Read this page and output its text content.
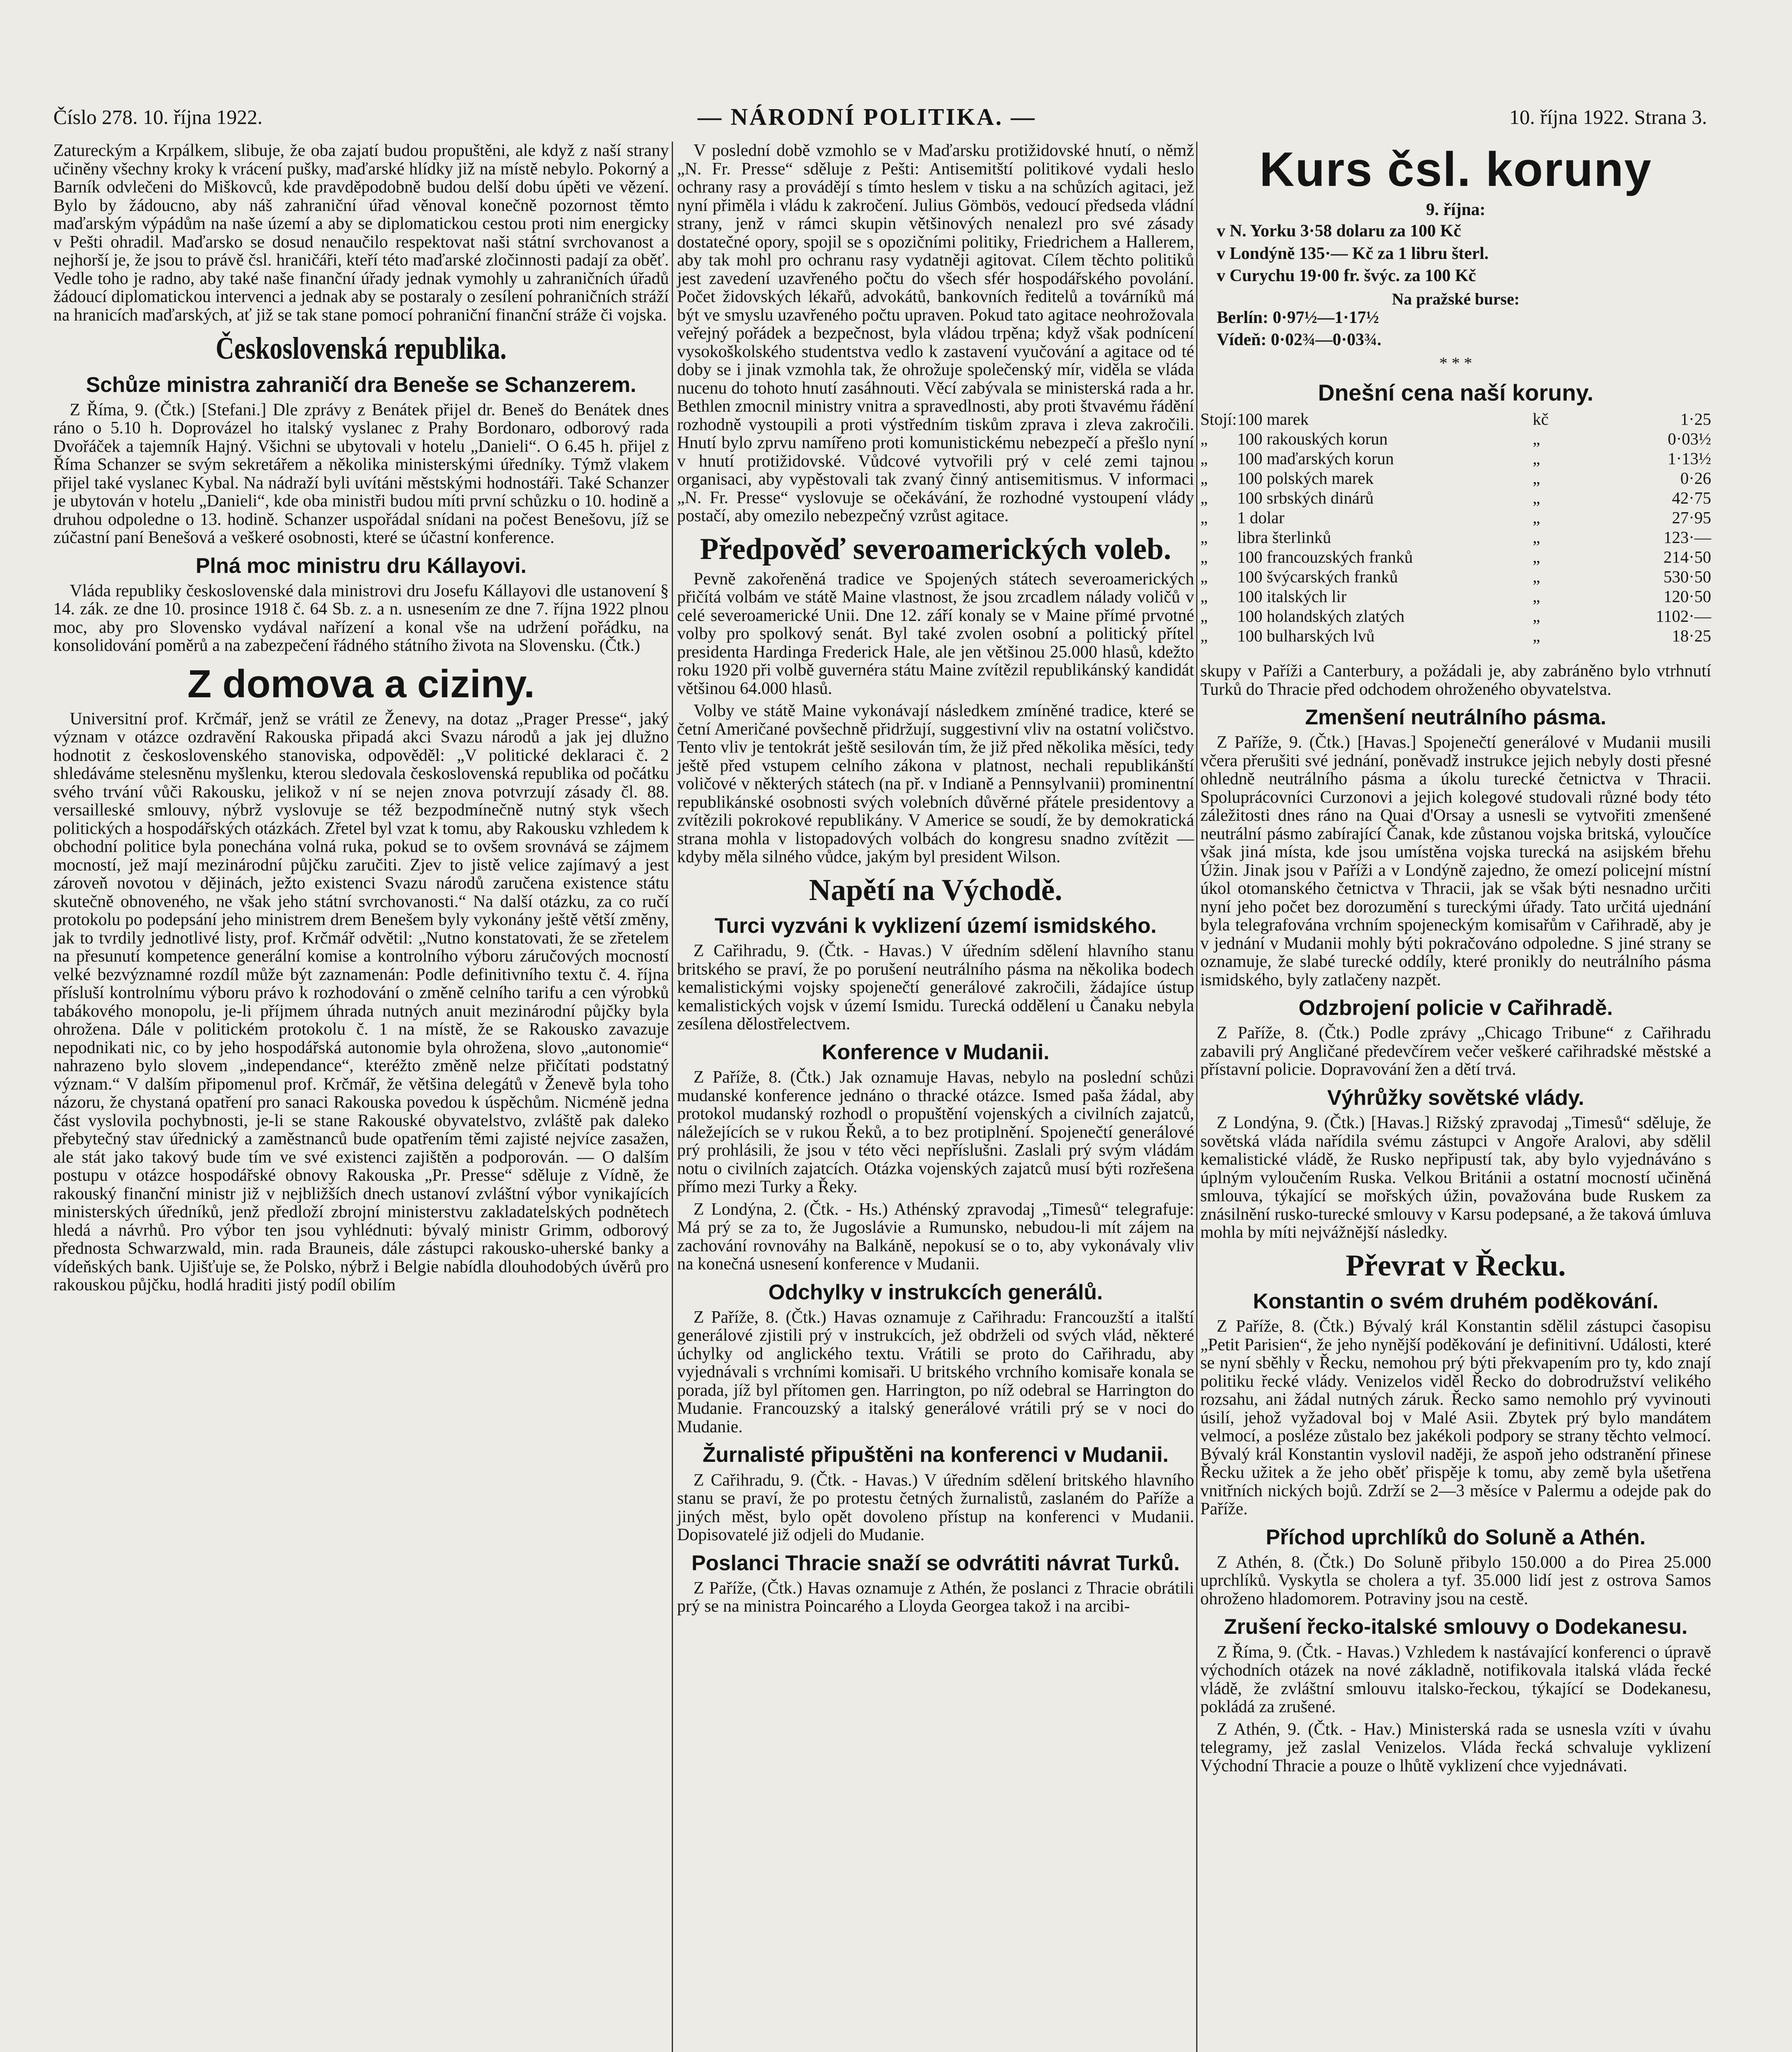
Číslo 278. 10. října 1922.	— NÁRODNÍ POLITIKA. —	10. října 1922. Strana 3.

Zatureckým a Krpálkem, slibuje, že oba zajatí budou propuštěni, ale když z naší strany učiněny všechny kroky k vrácení pušky, maďarské hlídky již na místě nebylo. Pokorný a Barník odvlečeni do Miškovců, kde pravděpodobně budou delší dobu úpěti ve vězení. Bylo by žádoucno, aby náš zahraniční úřad věnoval konečně pozornost těmto maďarským výpádům na naše území a aby se diplomatickou cestou proti nim energicky v Pešti ohradil. Maďarsko se dosud nenaučilo respektovat naši státní svrchovanost a nejhorší je, že jsou to právě čsl. hraničáři, kteří této maďarské zločinnosti padají za oběť. Vedle toho je radno, aby také naše finanční úřady jednak vymohly u zahraničních úřadů žádoucí diplomatickou intervenci a jednak aby se postaraly o zesílení pohraničních stráží na hranicích maďarských, ať již se tak stane pomocí pohraniční finanční stráže či vojska.

Československá republika.
Schůze ministra zahraničí dra Beneše se Schanzerem.

Z Říma, 9. (Čtk.) [Stefani.] Dle zprávy z Benátek přijel dr. Beneš do Benátek dnes ráno o 5.10 h. Doprovázel ho italský vyslanec z Prahy Bordonaro, odborový rada Dvořáček a tajemník Hajný. Všichni se ubytovali v hotelu „Danieli“. O 6.45 h. přijel z Říma Schanzer se svým sekretářem a několika ministerskými úředníky. Týmž vlakem přijel také vyslanec Kybal. Na nádraží byli uvítáni městskými hodnostáři. Také Schanzer je ubytován v hotelu „Danieli“, kde oba ministři budou míti první schůzku o 10. hodině a druhou odpoledne o 13. hodině. Schanzer uspořádal snídani na počest Benešovu, jíž se zúčastní paní Benešová a veškeré osobnosti, které se účastní konference.

Plná moc ministru dru Kállayovi.

Vláda republiky československé dala ministrovi dru Josefu Kállayovi dle ustanovení § 14. zák. ze dne 10. prosince 1918 č. 64 Sb. z. a n. usnesením ze dne 7. října 1922 plnou moc, aby pro Slovensko vydával nařízení a konal vše na udržení pořádku, na konsolidování poměrů a na zabezpečení řádného státního života na Slovensku. (Čtk.)

Z domova a ciziny.

Universitní prof. Krčmář, jenž se vrátil ze Ženevy, na dotaz „Prager Presse“, jaký význam v otázce ozdravění Rakouska připadá akci Svazu národů a jak jej dlužno hodnotit z československého stanoviska, odpověděl: „V politické deklaraci č. 2 shledáváme stelesněnu myšlenku, kterou sledovala československá republika od počátku svého trvání vůči Rakousku, jelikož v ní se nejen znova potvrzují zásady čl. 88. versailleské smlouvy, nýbrž vyslovuje se též bezpodmínečně nutný styk všech politických a hospodářských otázkách. Zřetel byl vzat k tomu, aby Rakousku vzhledem k obchodní politice byla ponechána volná ruka, pokud se to ovšem srovnává se zájmem mocností, jež mají mezinárodní půjčku zaručiti. Zjev to jistě velice zajímavý a jest zároveň novotou v dějinách, ježto existenci Svazu národů zaručena existence státu skutečně obnoveného, ne však jeho státní svrchovanosti.“ Na další otázku, za co ručí protokolu po podepsání jeho ministrem drem Benešem byly vykonány ještě větší změny, jak to tvrdily jednotlivé listy, prof. Krčmář odvětil: „Nutno konstatovati, že se zřetelem na přesunutí kompetence generální komise a kontrolního výboru záručových mocností velké bezvýznamné rozdíl může být zaznamenán: Podle definitivního textu č. 4. října přísluší kontrolnímu výboru právo k rozhodování o změně celního tarifu a cen výrobků tabákového monopolu, je-li příjmem úhrada nutných anuit mezinárodní půjčky byla ohrožena. Dále v politickém protokolu č. 1 na místě, že se Rakousko zavazuje nepodnikati nic, co by jeho hospodářská autonomie byla ohrožena, slovo „autonomie“ nahrazeno bylo slovem „independance“, kteréžto změně nelze přičítati podstatný význam.“ V dalším připomenul prof. Krčmář, že většina delegátů v Ženevě byla toho názoru, že chystaná opatření pro sanaci Rakouska povedou k úspěchům. Nicméně jedna část vyslovila pochybnosti, je-li se stane Rakouské obyvatelstvo, zvláště pak daleko přebytečný stav úřednický a zaměstnanců bude opatřením těmi zajisté nejvíce zasažen, ale stát jako takový bude tím ve své existenci zajištěn a podporován. — O dalším postupu v otázce hospodářské obnovy Rakouska „Pr. Presse“ sděluje z Vídně, že rakouský finanční ministr již v nejbližších dnech ustanoví zvláštní výbor vynikajících ministerských úředníků, jenž předloží zbrojní ministerstvu zakladatelských podnětech hledá a návrhů. Pro výbor ten jsou vyhlédnuti: bývalý ministr Grimm, odborový přednosta Schwarzwald, min. rada Brauneis, dále zástupci rakousko-uherské banky a vídeňských bank. Ujišťuje se, že Polsko, nýbrž i Belgie nabídla dlouhodobých úvěrů pro rakouskou půjčku, hodlá hraditi jistý podíl obilím

V poslední době vzmohlo se v Maďarsku protižidovské hnutí, o němž „N. Fr. Presse“ sděluje z Pešti: Antisemitští politikové vydali heslo ochrany rasy a provádějí s tímto heslem v tisku a na schůzích agitaci, jež nyní přiměla i vládu k zakročení. Julius Gömbös, vedoucí předseda vládní strany, jenž v rámci skupin většinových nenalezl pro své zásady dostatečné opory, spojil se s opozičními politiky, Friedrichem a Hallerem, aby tak mohl pro ochranu rasy vydatněji agitovat. Cílem těchto politiků jest zavedení uzavřeného počtu do všech sfér hospodářského povolání. Počet židovských lékařů, advokátů, bankovních ředitelů a továrníků má být ve smyslu uzavřeného počtu upraven. Pokud tato agitace neohrožovala veřejný pořádek a bezpečnost, byla vládou trpěna; když však podnícení vysokoškolského studentstva vedlo k zastavení vyučování a agitace od té doby se i jinak vzmohla tak, že ohrožuje společenský mír, viděla se vláda nucenu do tohoto hnutí zasáhnouti. Věcí zabývala se ministerská rada a hr. Bethlen zmocnil ministry vnitra a spravedlnosti, aby proti štvavému řádění rozhodně vystoupili a proti výstředním tiskům zprava i zleva zakročili. Hnutí bylo zprvu namířeno proti komunistickému nebezpečí a přešlo nyní v hnutí protižidovské. Vůdcové vytvořili prý v celé zemi tajnou organisaci, aby vypěstovali tak zvaný činný antisemitismus. V informaci „N. Fr. Presse“ vyslovuje se očekávání, že rozhodné vystoupení vlády postačí, aby omezilo nebezpečný vzrůst agitace.

Předpověď severoamerických voleb.

Pevně zakořeněná tradice ve Spojených státech severoamerických přičítá volbám ve státě Maine vlastnost, že jsou zrcadlem nálady voličů v celé severoamerické Unii. Dne 12. září konaly se v Maine přímé prvotné volby pro spolkový senát. Byl také zvolen osobní a politický přítel presidenta Hardinga Frederick Hale, ale jen většinou 25.000 hlasů, kdežto roku 1920 při volbě guvernéra státu Maine zvítězil republikánský kandidát většinou 64.000 hlasů.

Volby ve státě Maine vykonávají následkem zmíněné tradice, které se četní Američané povšechně přidržují, suggestivní vliv na ostatní voličstvo. Tento vliv je tentokrát ještě sesilován tím, že již před několika měsíci, tedy ještě před vstupem celního zákona v platnost, nechali republikánští voličové v některých státech (na př. v Indianě a Pennsylvanii) prominentní republikánské osobnosti svých volebních důvěrné přátele presidentovy a zvítězili pokrokové republikány. V Americe se soudí, že by demokratická strana mohla v listopadových volbách do kongresu snadno zvítězit — kdyby měla silného vůdce, jakým byl president Wilson.

Napětí na Východě.
Turci vyzváni k vyklizení území ismidského.

Z Cařihradu, 9. (Čtk. - Havas.) V úředním sdělení hlavního stanu britského se praví, že po porušení neutrálního pásma na několika bodech kemalistickými vojsky spojenečtí generálové zakročili, žádajíce ústup kemalistických vojsk v území Ismidu. Turecká oddělení u Čanaku nebyla zesílena dělostřelectvem.

Konference v Mudanii.

Z Paříže, 8. (Čtk.) Jak oznamuje Havas, nebylo na poslední schůzi mudanské konference jednáno o thracké otázce. Ismed paša žádal, aby protokol mudanský rozhodl o propuštění vojenských a civilních zajatců, náležejících se v rukou Řeků, a to bez protiplnění. Spojenečtí generálové prý prohlásili, že jsou v této věci nepříslušni. Zaslali prý svým vládám notu o civilních zajatcích. Otázka vojenských zajatců musí býti rozřešena přímo mezi Turky a Řeky.

Z Londýna, 2. (Čtk. - Hs.) Athénský zpravodaj „Timesů“ telegrafuje: Má prý se za to, že Jugoslávie a Rumunsko, nebudou-li mít zájem na zachování rovnováhy na Balkáně, nepokusí se o to, aby vykonávaly vliv na konečná usnesení konference v Mudanii.

Odchylky v instrukcích generálů.

Z Paříže, 8. (Čtk.) Havas oznamuje z Cařihradu: Francouzští a italští generálové zjistili prý v instrukcích, jež obdrželi od svých vlád, některé úchylky od anglického textu. Vrátili se proto do Cařihradu, aby vyjednávali s vrchními komisaři. U britského vrchního komisaře konala se porada, jíž byl přítomen gen. Harrington, po níž odebral se Harrington do Mudanie. Francouzský a italský generálové vrátili prý se v noci do Mudanie.

Žurnalisté připuštěni na konferenci v Mudanii.

Z Cařihradu, 9. (Čtk. - Havas.) V úředním sdělení britského hlavního stanu se praví, že po protestu četných žurnalistů, zaslaném do Paříže a jiných měst, bylo opět dovoleno přístup na konferenci v Mudanii. Dopisovatelé již odjeli do Mudanie.

Poslanci Thracie snaží se odvrátiti návrat Turků.

Z Paříže, (Čtk.) Havas oznamuje z Athén, že poslanci z Thracie obrátili prý se na ministra Poincarého a Lloyda Georgea takož i na arcibi-

Kurs čsl. koruny
9. října:

v N. Yorku 3·58 dolaru za 100 Kč

v Londýně 135·— Kč za 1 libru šterl.

v Curychu 19·00 fr. švýc. za 100 Kč

Na pražské burse:

Berlín: 0·97½—1·17½

Vídeň: 0·02¾—0·03¾.

* * *
Dnešní cena naší koruny.
Stojí:	100 marek	kč	1·25
„	100 rakouských korun	„	0·03½
„	100 maďarských korun	„	1·13½
„	100 polských marek	„	0·26
„	100 srbských dinárů	„	42·75
„	1 dolar	„	27·95
„	libra šterlinků	„	123·—
„	100 francouzských franků	„	214·50
„	100 švýcarských franků	„	530·50
„	100 italských lir	„	120·50
„	100 holandských zlatých	„	1102·—
„	100 bulharských lvů	„	18·25

skupy v Paříži a Canterbury, a požádali je, aby zabráněno bylo vtrhnutí Turků do Thracie před odchodem ohroženého obyvatelstva.

Zmenšení neutrálního pásma.

Z Paříže, 9. (Čtk.) [Havas.] Spojenečtí generálové v Mudanii musili včera přerušiti své jednání, poněvadž instrukce jejich nebyly dosti přesné ohledně neutrálního pásma a úkolu turecké četnictva v Thracii. Spoluprácovníci Curzonovi a jejich kolegové studovali různé body této záležitosti dnes ráno na Quai d'Orsay a usnesli se vytvořiti zmenšené neutrální pásmo zabírající Čanak, kde zůstanou vojska britská, vyloučíce však jiná místa, kde jsou umístěna vojska turecká na asijském břehu Úžin. Jinak jsou v Paříži a v Londýně zajedno, že omezí policejní místní úkol otomanského četnictva v Thracii, jak se však býti nesnadno určiti nyní jeho počet bez dorozumění s tureckými úřady. Tato určitá ujednání byla telegrafována vrchním spojeneckým komisařům v Cařihradě, aby je v jednání v Mudanii mohly býti pokračováno odpoledne. S jiné strany se oznamuje, že slabé turecké oddíly, které pronikly do neutrálního pásma ismidského, byly zatlačeny nazpět.

Odzbrojení policie v Cařihradě.

Z Paříže, 8. (Čtk.) Podle zprávy „Chicago Tribune“ z Cařihradu zabavili prý Angličané předevčírem večer veškeré cařihradské městské a přístavní policie. Dopravování žen a dětí trvá.

Výhrůžky sovětské vlády.

Z Londýna, 9. (Čtk.) [Havas.] Rižský zpravodaj „Timesů“ sděluje, že sovětská vláda nařídila svému zástupci v Angoře Aralovi, aby sdělil kemalistické vládě, že Rusko nepřipustí tak, aby bylo vyjednáváno s úplným vyloučením Ruska. Velkou Británii a ostatní mocností učiněná smlouva, týkající se mořských úžin, považována bude Ruskem za znásilnění rusko-turecké smlouvy v Karsu podepsané, a že taková úmluva mohla by míti nejvážnější následky.

Převrat v Řecku.
Konstantin o svém druhém poděkování.

Z Paříže, 8. (Čtk.) Bývalý král Konstantin sdělil zástupci časopisu „Petit Parisien“, že jeho nynější poděkování je definitivní. Události, které se nyní sběhly v Řecku, nemohou prý býti překvapením pro ty, kdo znají politiku řecké vlády. Venizelos viděl Řecko do dobrodružství velikého rozsahu, ani žádal nutných záruk. Řecko samo nemohlo prý vyvinouti úsilí, jehož vyžadoval boj v Malé Asii. Zbytek prý bylo mandátem velmocí, a posléze zůstalo bez jakékoli podpory se strany těchto velmocí. Bývalý král Konstantin vyslovil naději, že aspoň jeho odstranění přinese Řecku užitek a že jeho oběť přispěje k tomu, aby země byla ušetřena vnitřních nických bojů. Zdrží se 2—3 měsíce v Palermu a odejde pak do Paříže.

Příchod uprchlíků do Soluně a Athén.

Z Athén, 8. (Čtk.) Do Soluně přibylo 150.000 a do Pirea 25.000 uprchlíků. Vyskytla se cholera a tyf. 35.000 lidí jest z ostrova Samos ohroženo hladomorem. Potraviny jsou na cestě.

Zrušení řecko-italské smlouvy o Dodekanesu.

Z Říma, 9. (Čtk. - Havas.) Vzhledem k nastávající konferenci o úpravě východních otázek na nové základně, notifikovala italská vláda řecké vládě, že zvláštní smlouvu italsko-řeckou, týkající se Dodekanesu, pokládá za zrušené.

Z Athén, 9. (Čtk. - Hav.) Ministerská rada se usnesla vzíti v úvahu telegramy, jež zaslal Venizelos. Vláda řecká schvaluje vyklizení Východní Thracie a pouze o lhůtě vyklizení chce vyjednávati.
